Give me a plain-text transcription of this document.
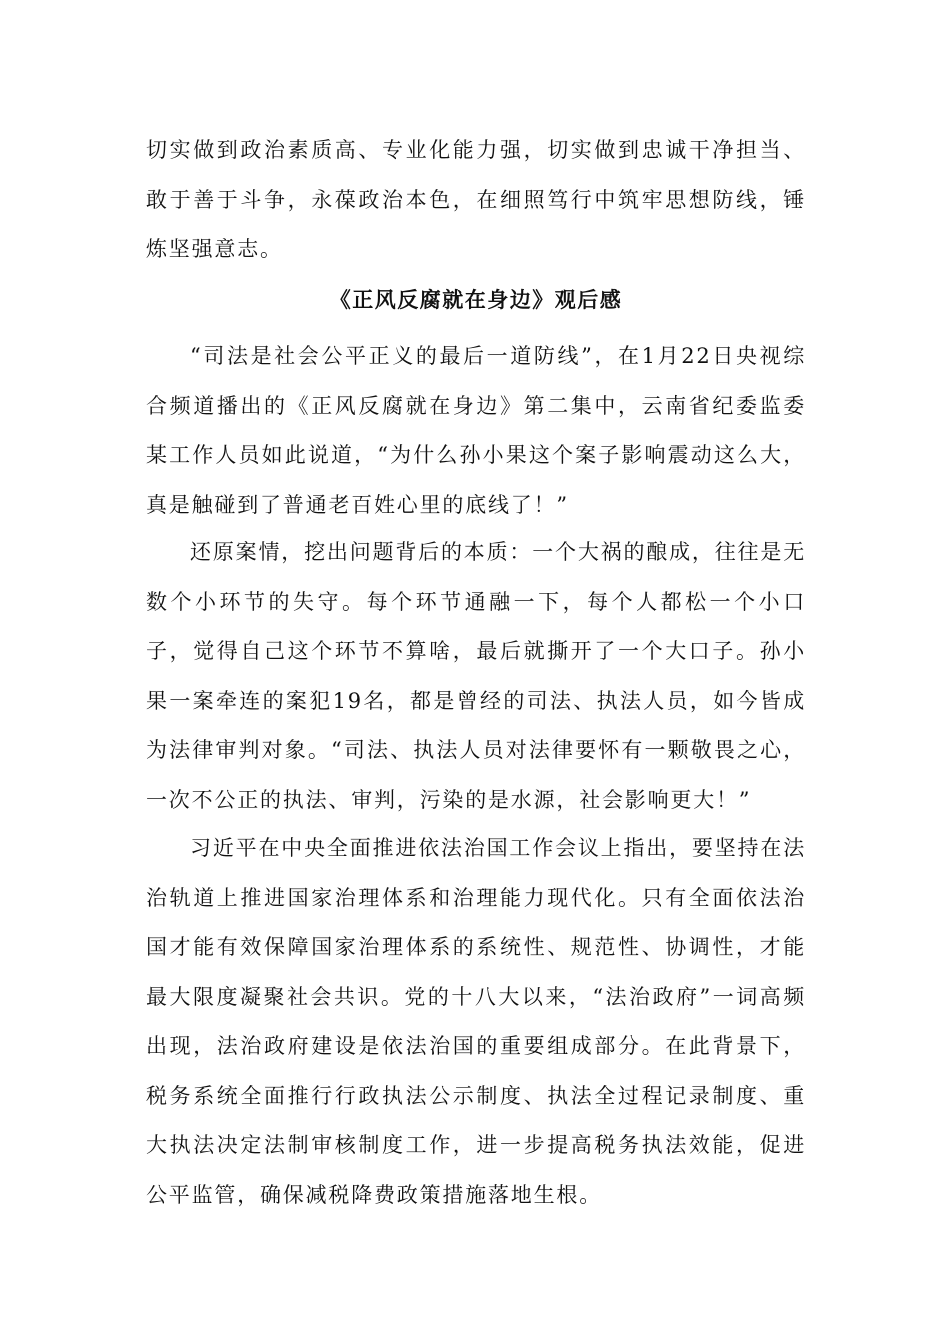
切实做到政治素质高、专业化能力强，切实做到忠诚干净担当、敢于善于斗争，永葆政治本色，在细照笃行中筑牢思想防线，锤炼坚强意志。

《正风反腐就在身边》观后感

“司法是社会公平正义的最后一道防线”，在1月22日央视综合频道播出的《正风反腐就在身边》第二集中，云南省纪委监委某工作人员如此说道，“为什么孙小果这个案子影响震动这么大，真是触碰到了普通老百姓心里的底线了！”

还原案情，挖出问题背后的本质：一个大祸的酿成，往往是无数个小环节的失守。每个环节通融一下，每个人都松一个小口子，觉得自己这个环节不算啥，最后就撕开了一个大口子。孙小果一案牵连的案犯19名，都是曾经的司法、执法人员，如今皆成为法律审判对象。“司法、执法人员对法律要怀有一颗敬畏之心，一次不公正的执法、审判，污染的是水源，社会影响更大！”

习近平在中央全面推进依法治国工作会议上指出，要坚持在法治轨道上推进国家治理体系和治理能力现代化。只有全面依法治国才能有效保障国家治理体系的系统性、规范性、协调性，才能最大限度凝聚社会共识。党的十八大以来，“法治政府”一词高频出现，法治政府建设是依法治国的重要组成部分。在此背景下，税务系统全面推行行政执法公示制度、执法全过程记录制度、重大执法决定法制审核制度工作，进一步提高税务执法效能，促进公平监管，确保减税降费政策措施落地生根。
